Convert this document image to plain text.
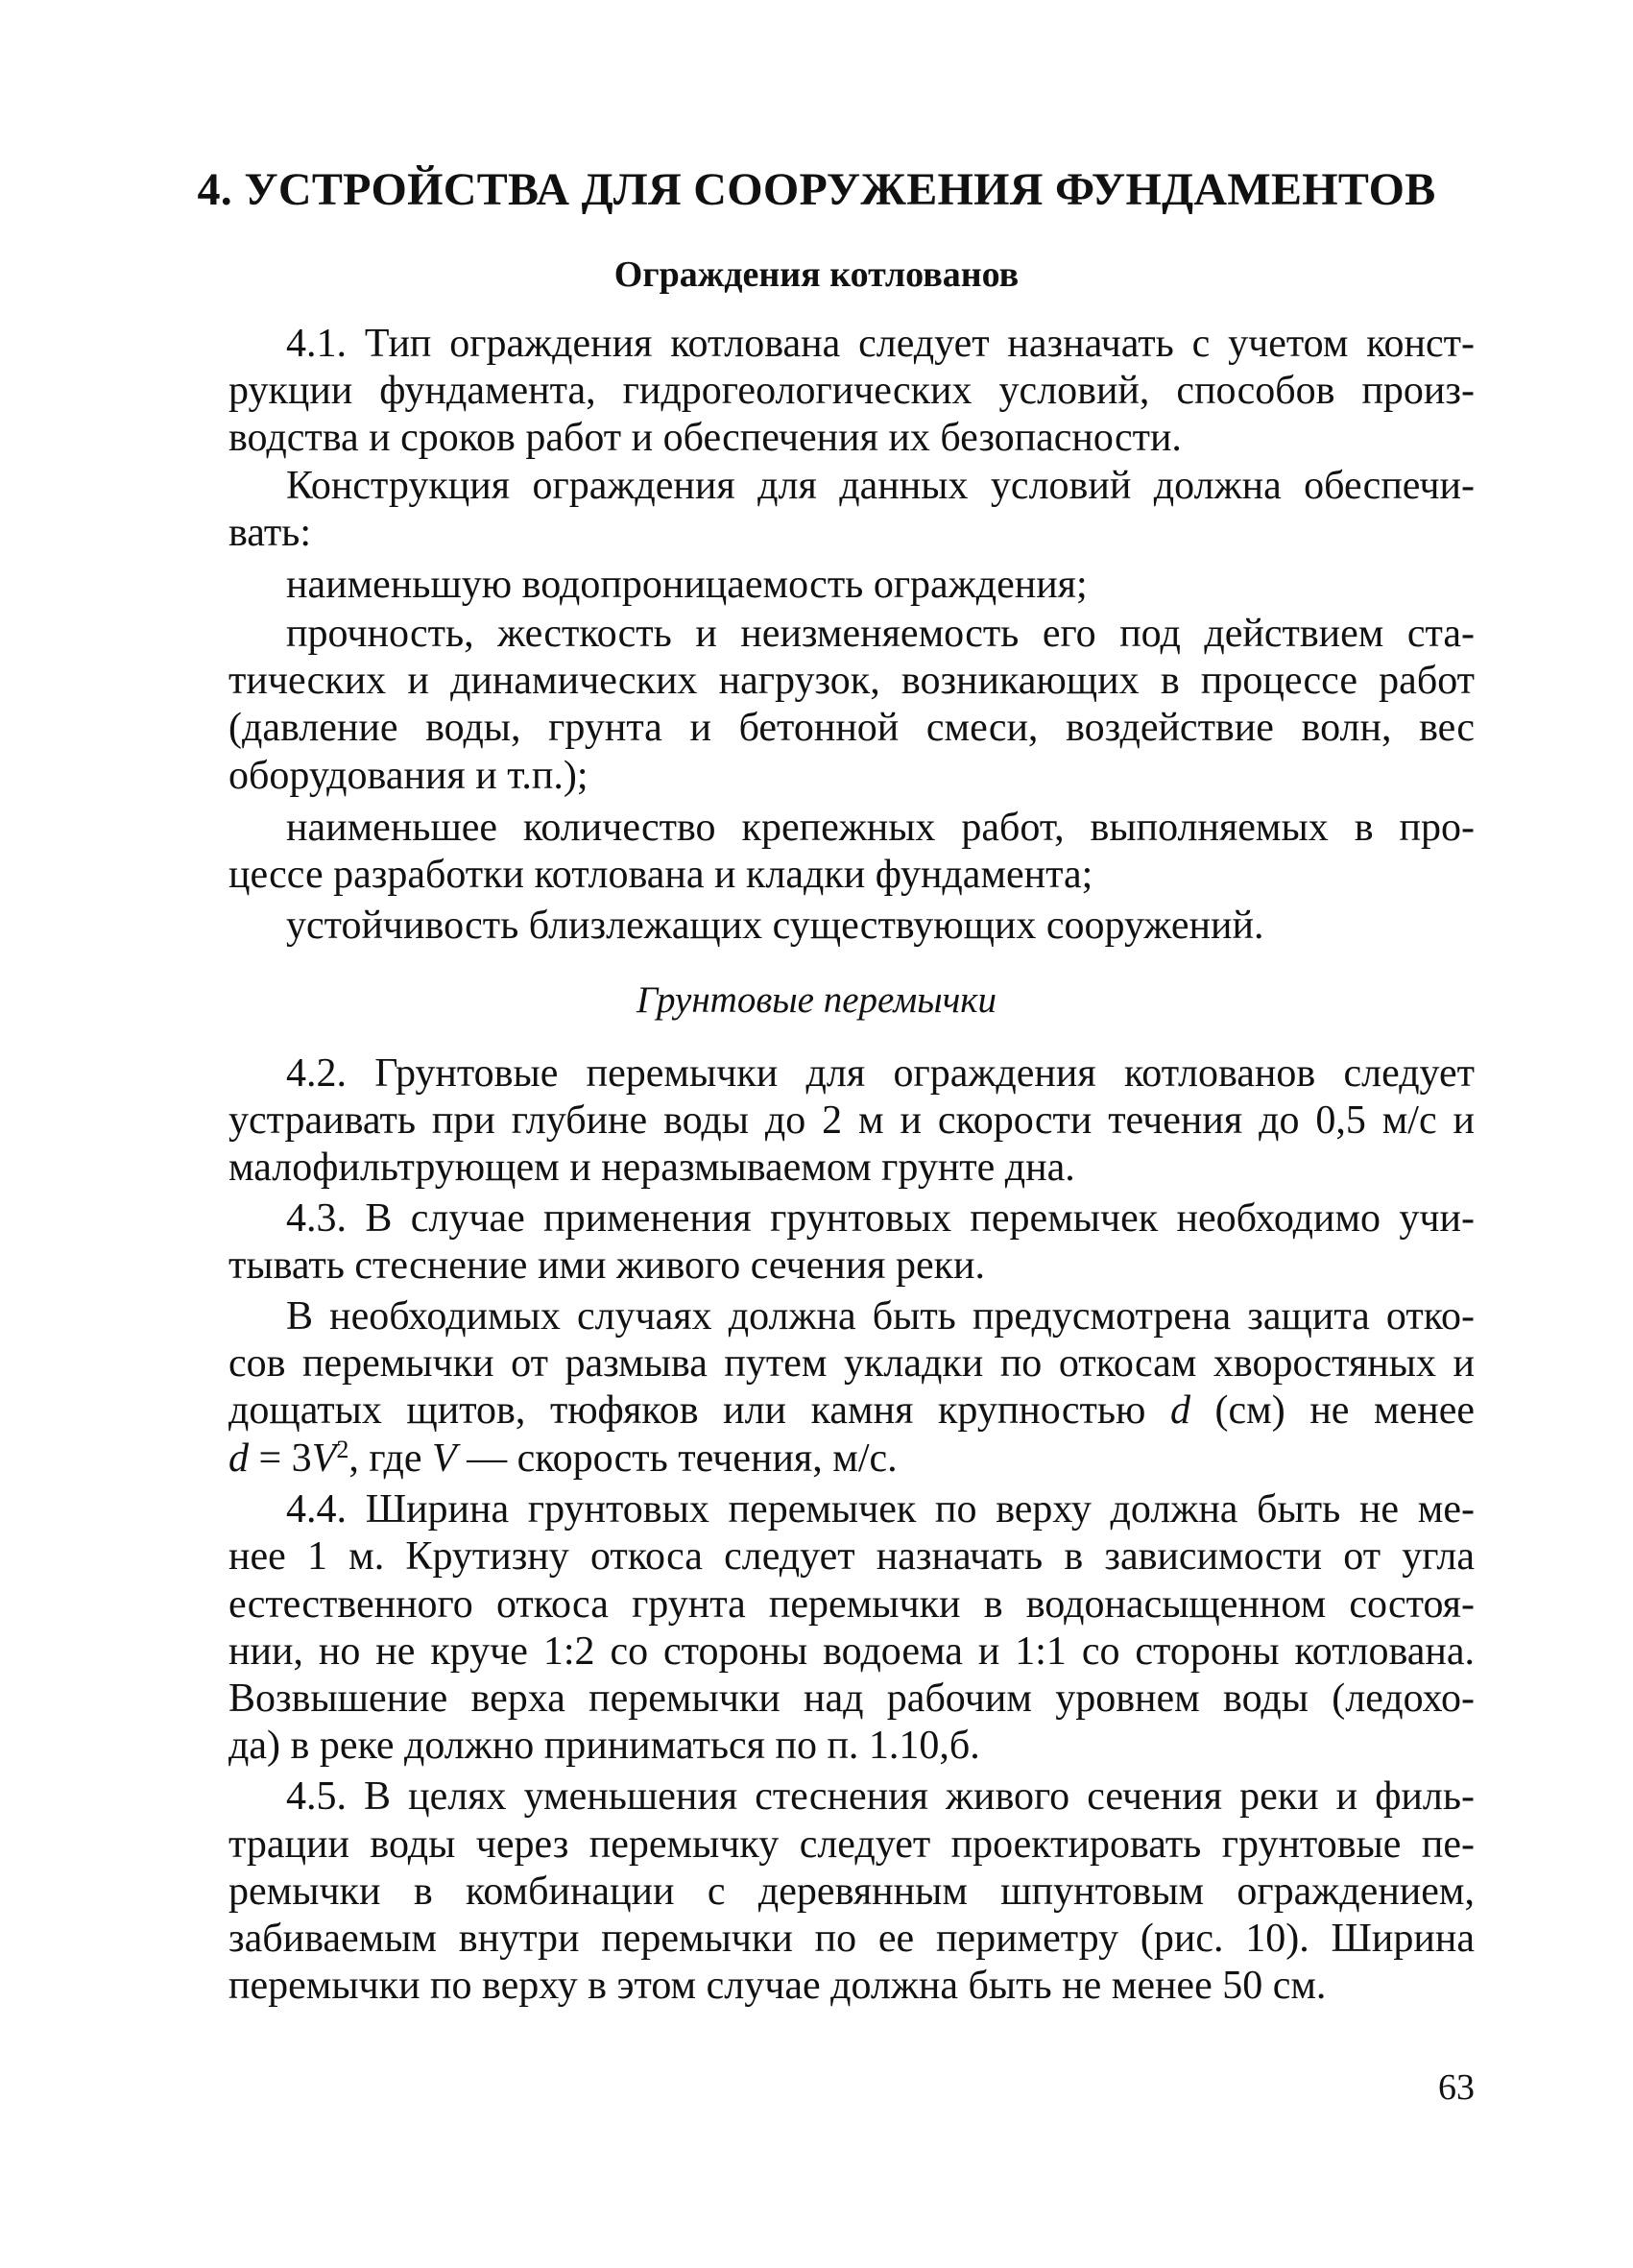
4. УСТРОЙСТВА ДЛЯ СООРУЖЕНИЯ ФУНДАМЕНТОВ
Ограждения котлованов
4.1. Тип ограждения котлована следует назначать с учетом конст-
рукции фундамента, гидрогеологических условий, способов произ-
водства и сроков работ и обеспечения их безопасности.
Конструкция ограждения для данных условий должна обеспечи-
вать:
наименьшую водопроницаемость ограждения;
прочность, жесткость и неизменяемость его под действием ста-
тических и динамических нагрузок, возникающих в процессе работ
(давление воды, грунта и бетонной смеси, воздействие волн, вес
оборудования и т.п.);
наименьшее количество крепежных работ, выполняемых в про-
цессе разработки котлована и кладки фундамента;
устойчивость близлежащих существующих сооружений.
Грунтовые перемычки
4.2. Грунтовые перемычки для ограждения котлованов следует
устраивать при глубине воды до 2 м и скорости течения до 0,5 м/с и
малофильтрующем и неразмываемом грунте дна.
4.3. В случае применения грунтовых перемычек необходимо учи-
тывать стеснение ими живого сечения реки.
В необходимых случаях должна быть предусмотрена защита отко-
сов перемычки от размыва путем укладки по откосам хворостяных и
дощатых щитов, тюфяков или камня крупностью d (см) не менее
$d = 3V^2$, где V — скорость течения, м/с.
4.4. Ширина грунтовых перемычек по верху должна быть не ме-
нее 1 м. Крутизну откоса следует назначать в зависимости от угла
естественного откоса грунта перемычки в водонасыщенном состоя-
нии, но не круче 1:2 со стороны водоема и 1:1 со стороны котлована.
Возвышение верха перемычки над рабочим уровнем воды (ледохо-
да) в реке должно приниматься по п. 1.10,б.
4.5. В целях уменьшения стеснения живого сечения реки и филь-
трации воды через перемычку следует проектировать грунтовые пе-
ремычки в комбинации с деревянным шпунтовым ограждением,
забиваемым внутри перемычки по ее периметру (рис. 10). Ширина
перемычки по верху в этом случае должна быть не менее 50 см.
63
